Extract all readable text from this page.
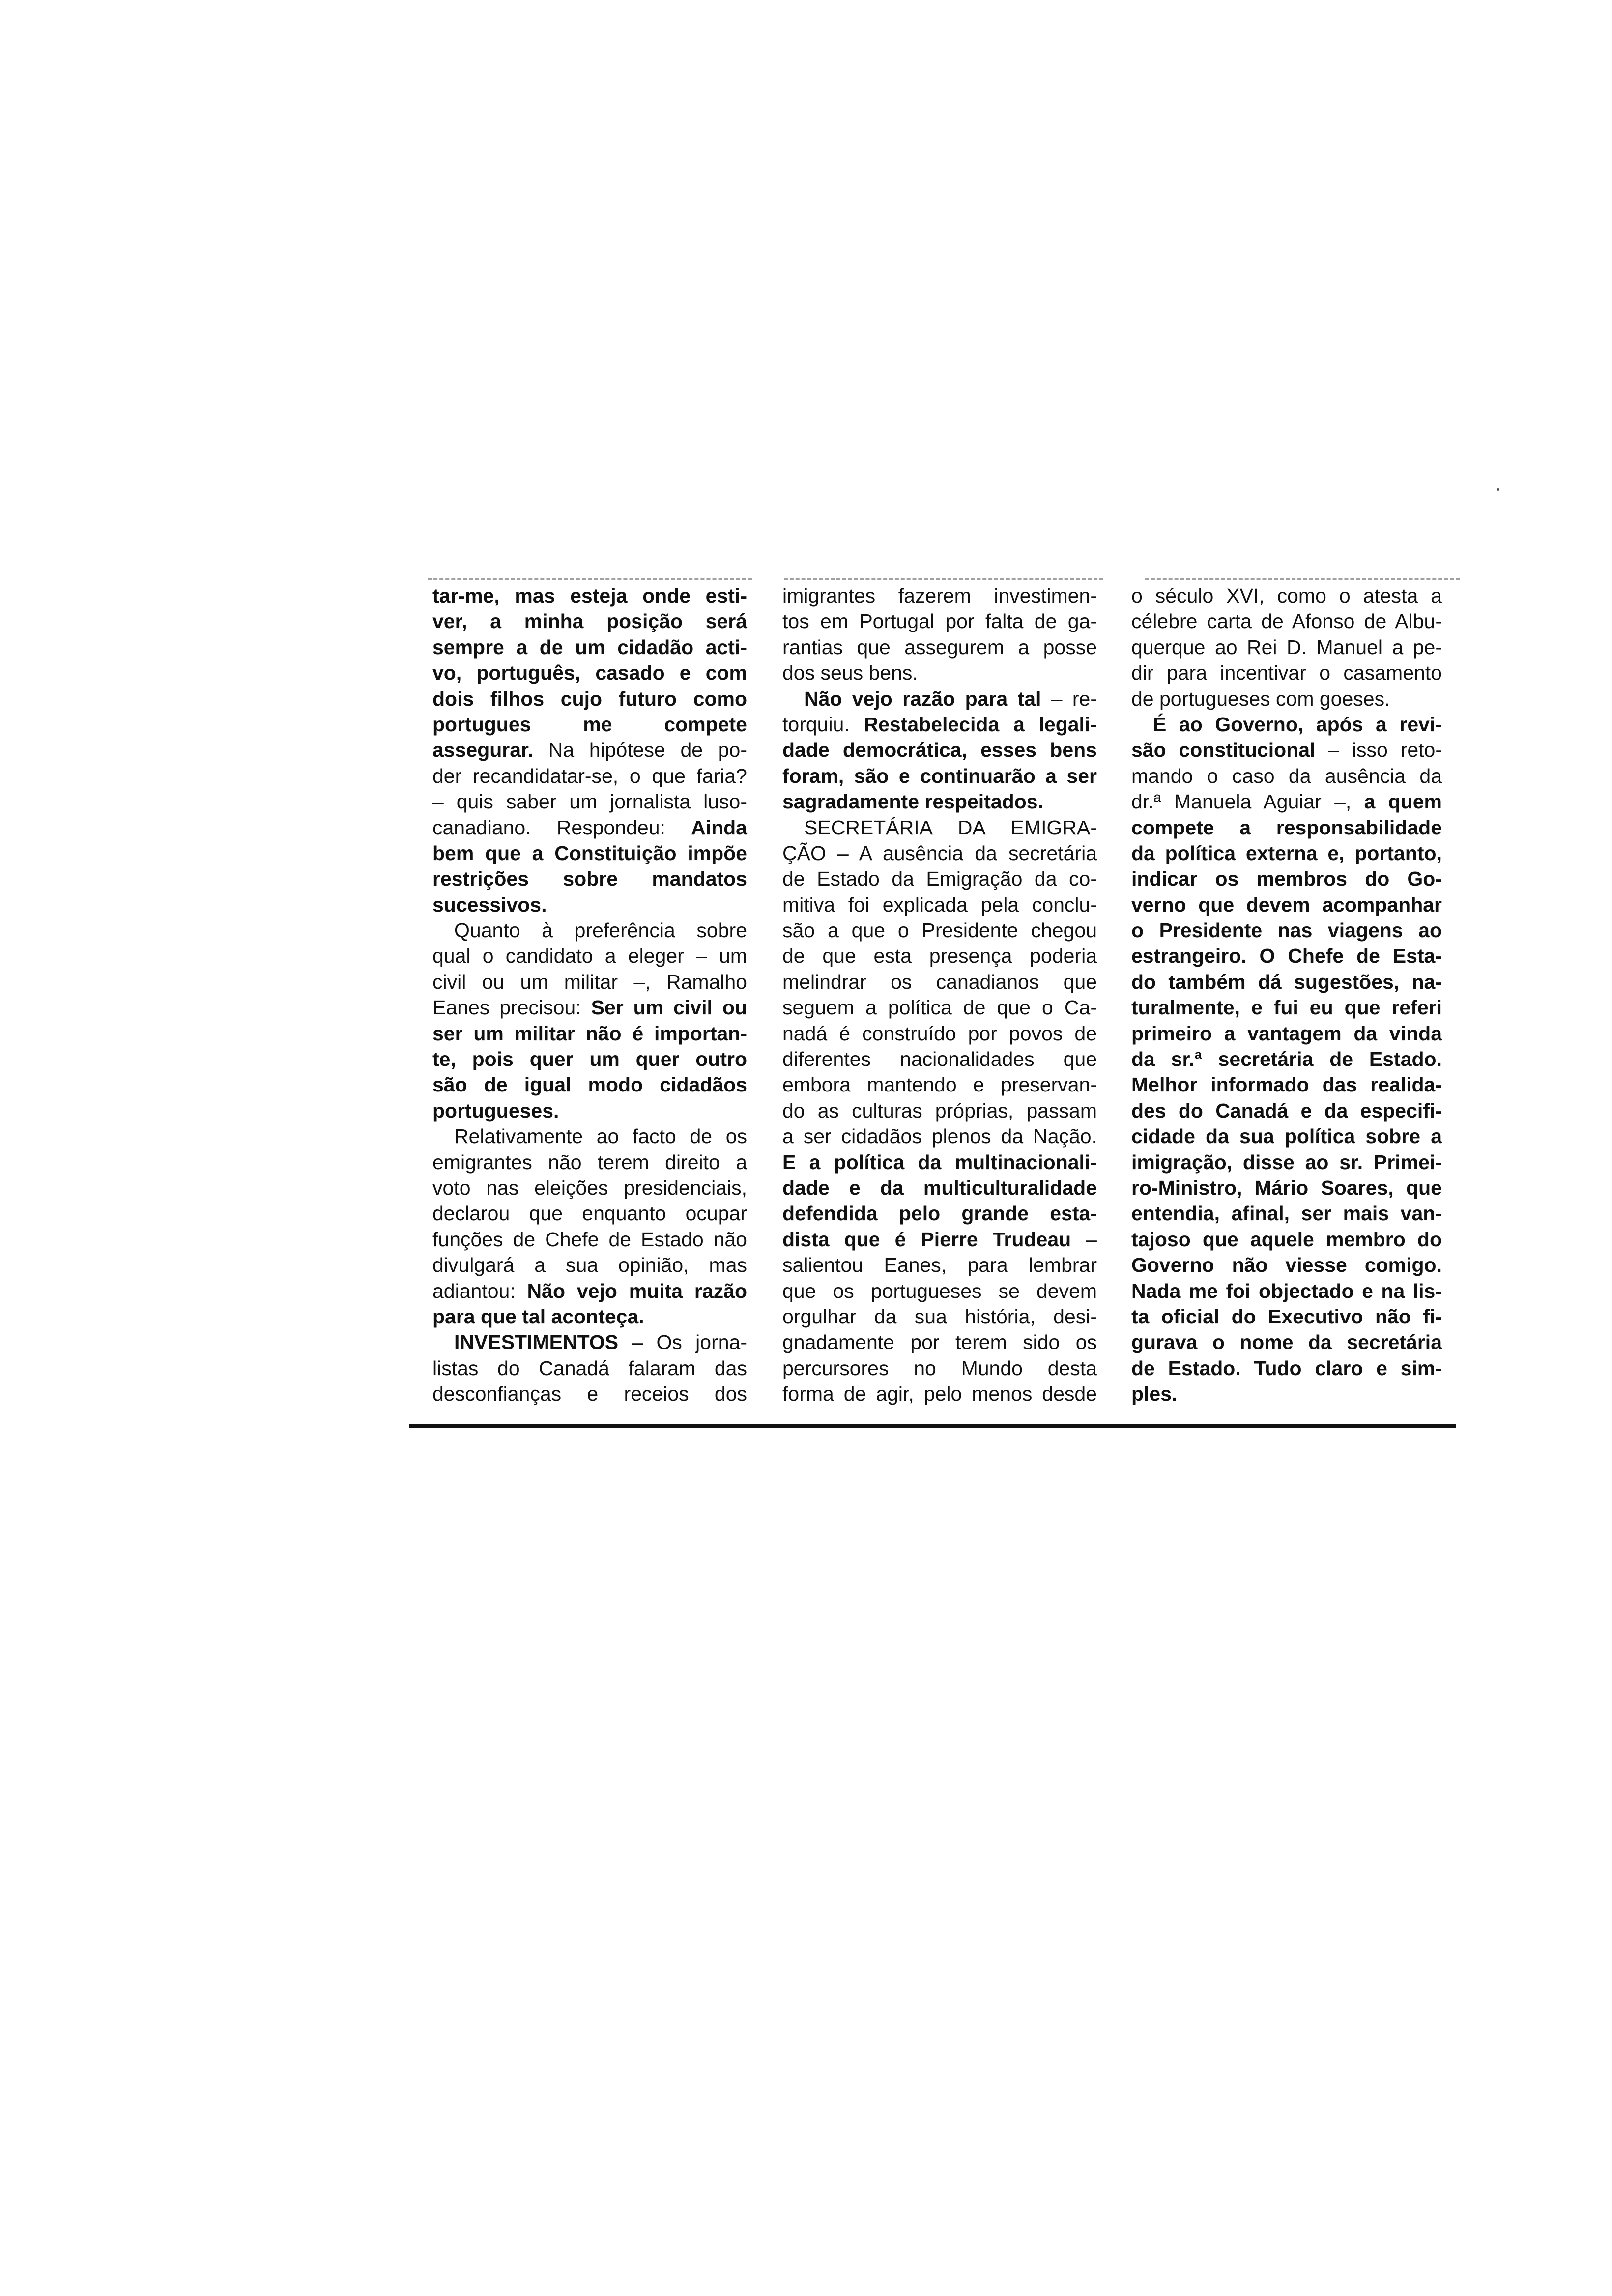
tar-me, mas esteja onde esti-
ver, a minha posição será
sempre a de um cidadão acti-
vo, português, casado e com
dois filhos cujo futuro como
portugues me compete
assegurar. Na hipótese de po-
der recandidatar-se, o que faria?
– quis saber um jornalista luso-
canadiano. Respondeu: Ainda
bem que a Constituição impõe
restrições sobre mandatos
sucessivos.
Quanto à preferência sobre
qual o candidato a eleger – um
civil ou um militar –, Ramalho
Eanes precisou: Ser um civil ou
ser um militar não é importan-
te, pois quer um quer outro
são de igual modo cidadãos
portugueses.
Relativamente ao facto de os
emigrantes não terem direito a
voto nas eleições presidenciais,
declarou que enquanto ocupar
funções de Chefe de Estado não
divulgará a sua opinião, mas
adiantou: Não vejo muita razão
para que tal aconteça.
INVESTIMENTOS – Os jorna-
listas do Canadá falaram das
desconfianças e receios dos
imigrantes fazerem investimen-
tos em Portugal por falta de ga-
rantias que assegurem a posse
dos seus bens.
Não vejo razão para tal – re-
torquiu. Restabelecida a legali-
dade democrática, esses bens
foram, são e continuarão a ser
sagradamente respeitados.
SECRETÁRIA DA EMIGRA-
ÇÃO – A ausência da secretária
de Estado da Emigração da co-
mitiva foi explicada pela conclu-
são a que o Presidente chegou
de que esta presença poderia
melindrar os canadianos que
seguem a política de que o Ca-
nadá é construído por povos de
diferentes nacionalidades que
embora mantendo e preservan-
do as culturas próprias, passam
a ser cidadãos plenos da Nação.
E a política da multinacionali-
dade e da multiculturalidade
defendida pelo grande esta-
dista que é Pierre Trudeau –
salientou Eanes, para lembrar
que os portugueses se devem
orgulhar da sua história, desi-
gnadamente por terem sido os
percursores no Mundo desta
forma de agir, pelo menos desde
o século XVI, como o atesta a
célebre carta de Afonso de Albu-
querque ao Rei D. Manuel a pe-
dir para incentivar o casamento
de portugueses com goeses.
É ao Governo, após a revi-
são constitucional – isso reto-
mando o caso da ausência da
dr.ª Manuela Aguiar –, a quem
compete a responsabilidade
da política externa e, portanto,
indicar os membros do Go-
verno que devem acompanhar
o Presidente nas viagens ao
estrangeiro. O Chefe de Esta-
do também dá sugestões, na-
turalmente, e fui eu que referi
primeiro a vantagem da vinda
da sr.ª secretária de Estado.
Melhor informado das realida-
des do Canadá e da especifi-
cidade da sua política sobre a
imigração, disse ao sr. Primei-
ro-Ministro, Mário Soares, que
entendia, afinal, ser mais van-
tajoso que aquele membro do
Governo não viesse comigo.
Nada me foi objectado e na lis-
ta oficial do Executivo não fi-
gurava o nome da secretária
de Estado. Tudo claro e sim-
ples.
